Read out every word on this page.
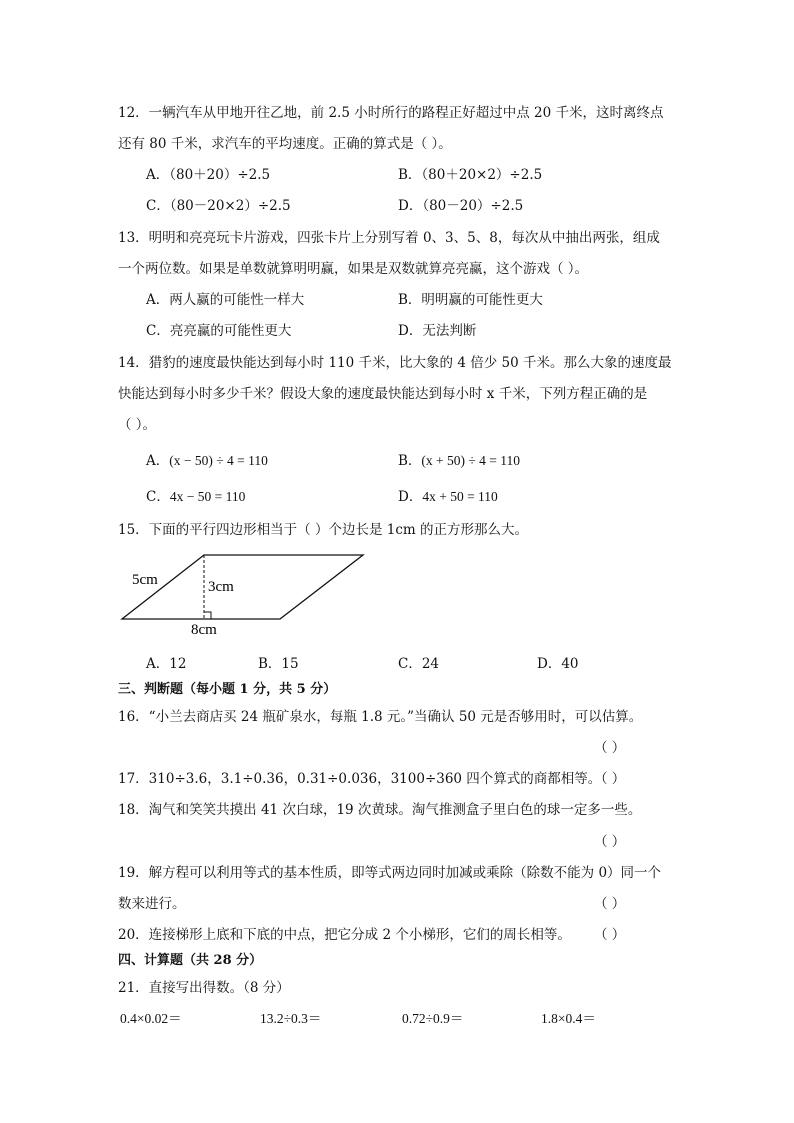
12．一辆汽车从甲地开往乙地，前 2.5 小时所行的路程正好超过中点 20 千米，这时离终点
还有 80 千米，求汽车的平均速度。正确的算式是（ ）。
A．（80＋20）÷2.5	B．（80＋20×2）÷2.5
C．（80－20×2）÷2.5	D．（80－20）÷2.5
13．明明和亮亮玩卡片游戏，四张卡片上分别写着 0、3、5、8，每次从中抽出两张，组成
一个两位数。如果是单数就算明明赢，如果是双数就算亮亮赢，这个游戏（ ）。
A．两人赢的可能性一样大	B．明明赢的可能性更大
C．亮亮赢的可能性更大	D．无法判断
14．猎豹的速度最快能达到每小时 110 千米，比大象的 4 倍少 50 千米。那么大象的速度最
快能达到每小时多少千米？假设大象的速度最快能达到每小时 x 千米，下列方程正确的是
（ ）。
A．(x − 50) ÷ 4 = 110	B．(x + 50) ÷ 4 = 110
C．4x − 50 = 110	D．4x + 50 = 110
15．下面的平行四边形相当于（ ）个边长是 1cm 的正方形那么大。
5cm	3cm
8cm
A．12	B．15	C．24	D．40
三、判断题（每小题 1 分，共 5 分）
16．“小兰去商店买 24 瓶矿泉水，每瓶 1.8 元。”当确认 50 元是否够用时，可以估算。
（ ）
17．310÷3.6，3.1÷0.36，0.31÷0.036，3100÷360 四个算式的商都相等。
（ ）
18．淘气和笑笑共摸出 41 次白球，19 次黄球。淘气推测盒子里白色的球一定多一些。
（ ）
19．解方程可以利用等式的基本性质，即等式两边同时加减或乘除（除数不能为 0）同一个
数来进行。	（ ）
20．连接梯形上底和下底的中点，把它分成 2 个小梯形，它们的周长相等。 （ ）
四、计算题（共 28 分）
21．直接写出得数。（8 分）
0.4×0.02＝	13.2÷0.3＝	0.72÷0.9＝	1.8×0.4＝
